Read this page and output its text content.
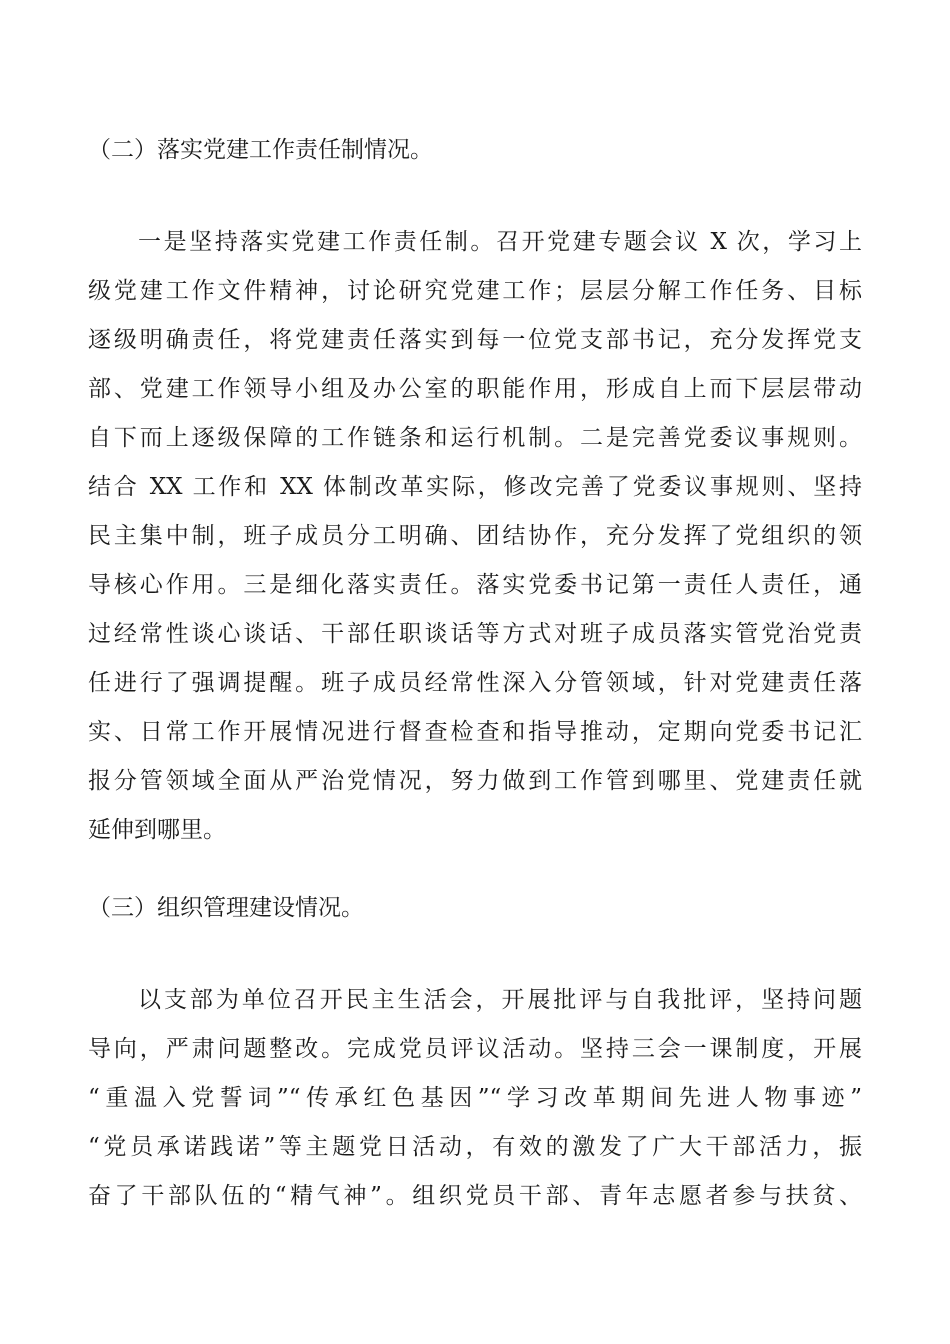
（二）落实党建工作责任制情况。
一是坚持落实党建工作责任制。召开党建专题会议 X 次，学习上
级党建工作文件精神，讨论研究党建工作；层层分解工作任务、目标
逐级明确责任，将党建责任落实到每一位党支部书记，充分发挥党支
部、党建工作领导小组及办公室的职能作用，形成自上而下层层带动
自下而上逐级保障的工作链条和运行机制。二是完善党委议事规则。
结合 XX 工作和 XX 体制改革实际，修改完善了党委议事规则、坚持
民主集中制，班子成员分工明确、团结协作，充分发挥了党组织的领
导核心作用。三是细化落实责任。落实党委书记第一责任人责任，通
过经常性谈心谈话、干部任职谈话等方式对班子成员落实管党治党责
任进行了强调提醒。班子成员经常性深入分管领域，针对党建责任落
实、日常工作开展情况进行督查检查和指导推动，定期向党委书记汇
报分管领域全面从严治党情况，努力做到工作管到哪里、党建责任就
延伸到哪里。
（三）组织管理建设情况。
以支部为单位召开民主生活会，开展批评与自我批评，坚持问题
导向，严肃问题整改。完成党员评议活动。坚持三会一课制度，开展
“重温入党誓词”“传承红色基因”“学习改革期间先进人物事迹”
“党员承诺践诺”等主题党日活动，有效的激发了广大干部活力，振
奋了干部队伍的“精气神”。组织党员干部、青年志愿者参与扶贫、
